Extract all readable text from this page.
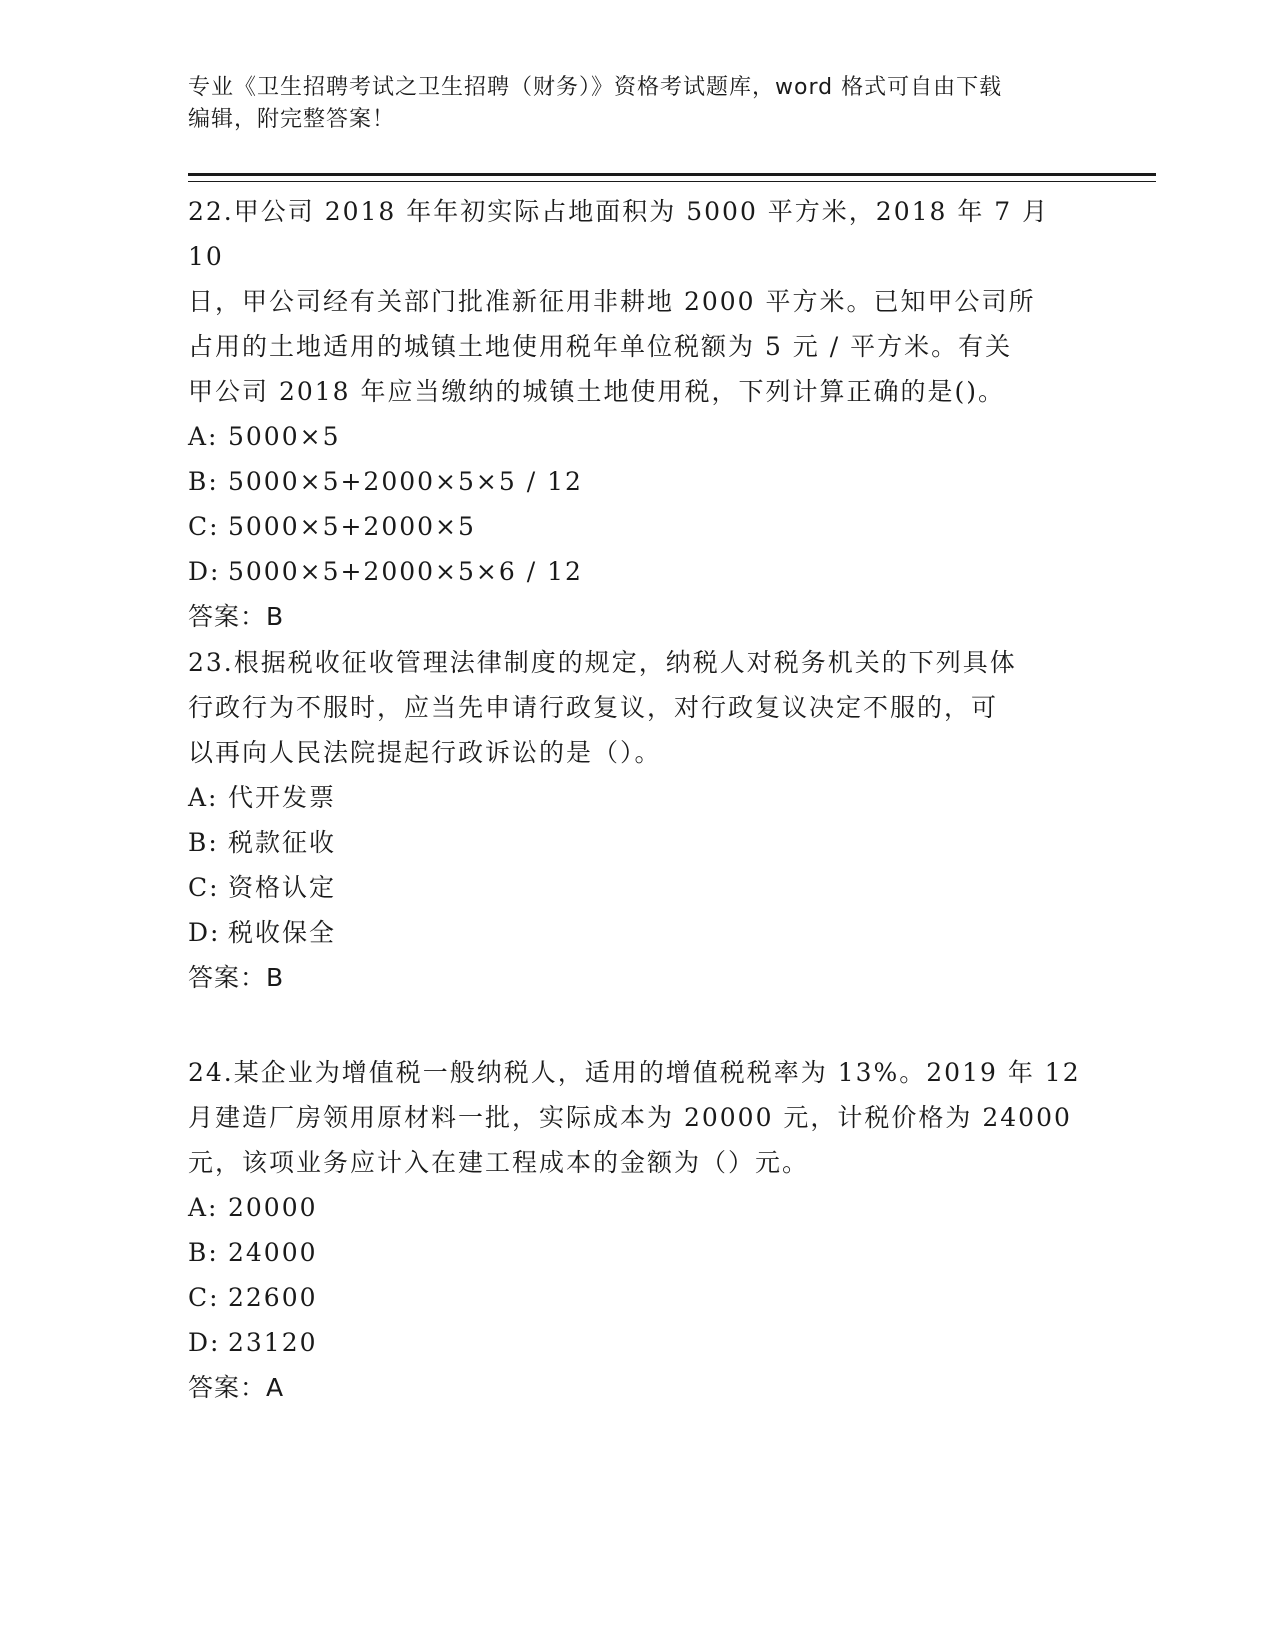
专业《卫生招聘考试之卫生招聘（财务）》资格考试题库，word 格式可自由下载
编辑，附完整答案！
22.甲公司 2018 年年初实际占地面积为 5000 平方米，2018 年 7 月 10
日，甲公司经有关部门批准新征用非耕地 2000 平方米。已知甲公司所
占用的土地适用的城镇土地使用税年单位税额为 5 元 / 平方米。有关
甲公司 2018 年应当缴纳的城镇土地使用税，下列计算正确的是()。
A: 5000×5
B: 5000×5+2000×5×5 / 12
C: 5000×5+2000×5
D: 5000×5+2000×5×6 / 12
答案：B
23.根据税收征收管理法律制度的规定，纳税人对税务机关的下列具体
行政行为不服时，应当先申请行政复议，对行政复议决定不服的，可
以再向人民法院提起行政诉讼的是（）。
A: 代开发票
B: 税款征收
C: 资格认定
D: 税收保全
答案：B
24.某企业为增值税一般纳税人，适用的增值税税率为 13%。2019 年 12
月建造厂房领用原材料一批，实际成本为 20000 元，计税价格为 24000
元，该项业务应计入在建工程成本的金额为（）元。
A: 20000
B: 24000
C: 22600
D: 23120
答案：A
